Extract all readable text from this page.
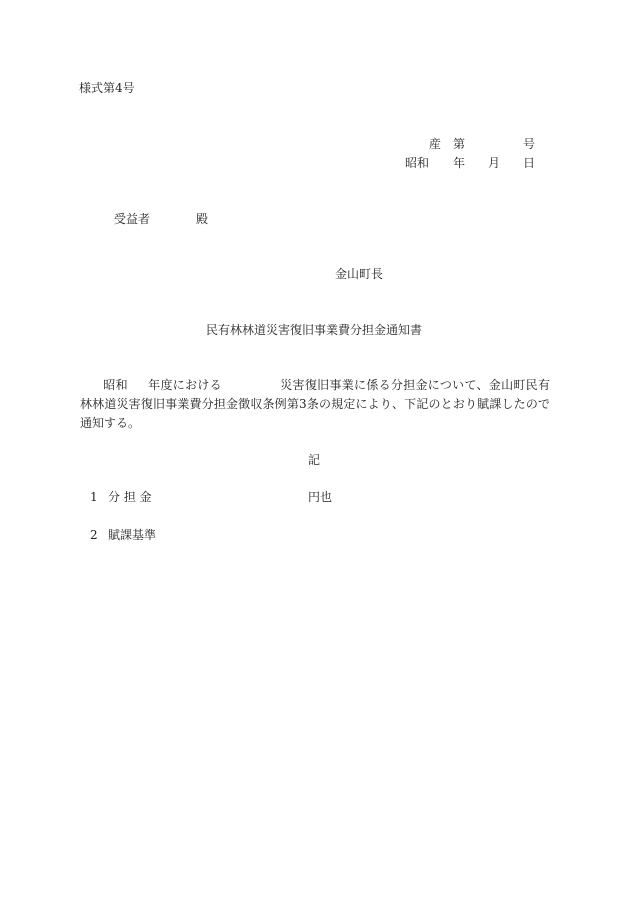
様式第4号
産 第	号
昭和 年 月 日
受益者	殿
金山町長
民有林林道災害復旧事業費分担金通知書
昭和 年度における	災害復旧事業に係る分担金について、金山町民有林林道災害復旧事業費分担金徴収条例第3条の規定により、下記のとおり賦課したので通知する。
記
1 分 担 金	円也
2 賦課基準
